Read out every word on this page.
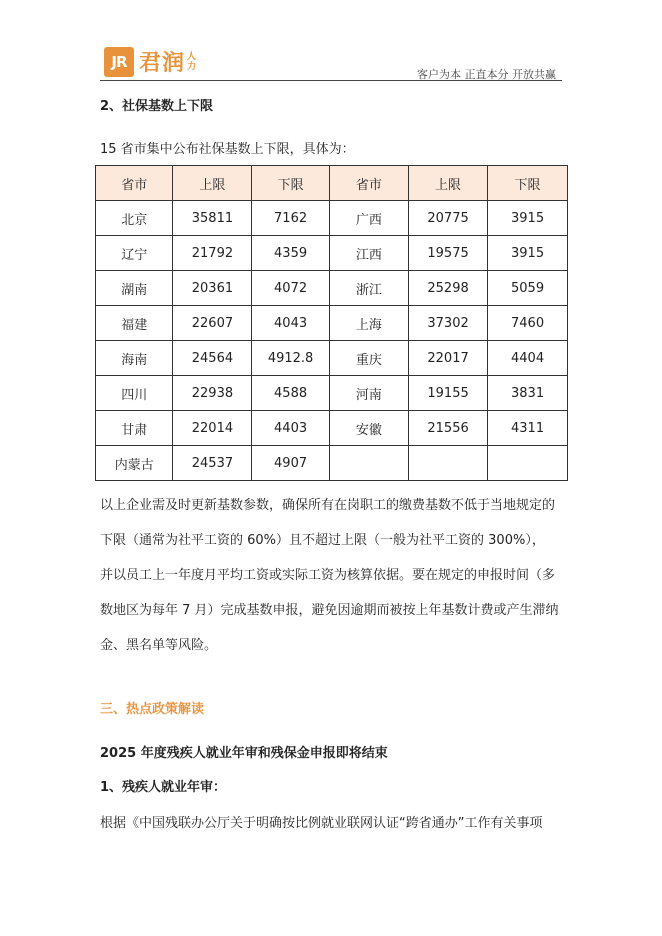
JR 君润 人
力
客户为本 正直本分 开放共赢
2、社保基数上下限
15 省市集中公布社保基数上下限，具体为：
省市	上限	下限	省市	上限	下限
北京	35811	7162	广西	20775	3915
辽宁	21792	4359	江西	19575	3915
湖南	20361	4072	浙江	25298	5059
福建	22607	4043	上海	37302	7460
海南	24564	4912.8	重庆	22017	4404
四川	22938	4588	河南	19155	3831
甘肃	22014	4403	安徽	21556	4311
内蒙古	24537	4907			
以上企业需及时更新基数参数，确保所有在岗职工的缴费基数不低于当地规定的
下限（通常为社平工资的 60%）且不超过上限（一般为社平工资的 300%），
并以员工上一年度月平均工资或实际工资为核算依据。要在规定的申报时间（多
数地区为每年 7 月）完成基数申报，避免因逾期而被按上年基数计费或产生滞纳
金、黑名单等风险。
三、热点政策解读
2025 年度残疾人就业年审和残保金申报即将结束
1、残疾人就业年审：
根据《中国残联办公厅关于明确按比例就业联网认证“跨省通办”工作有关事项
